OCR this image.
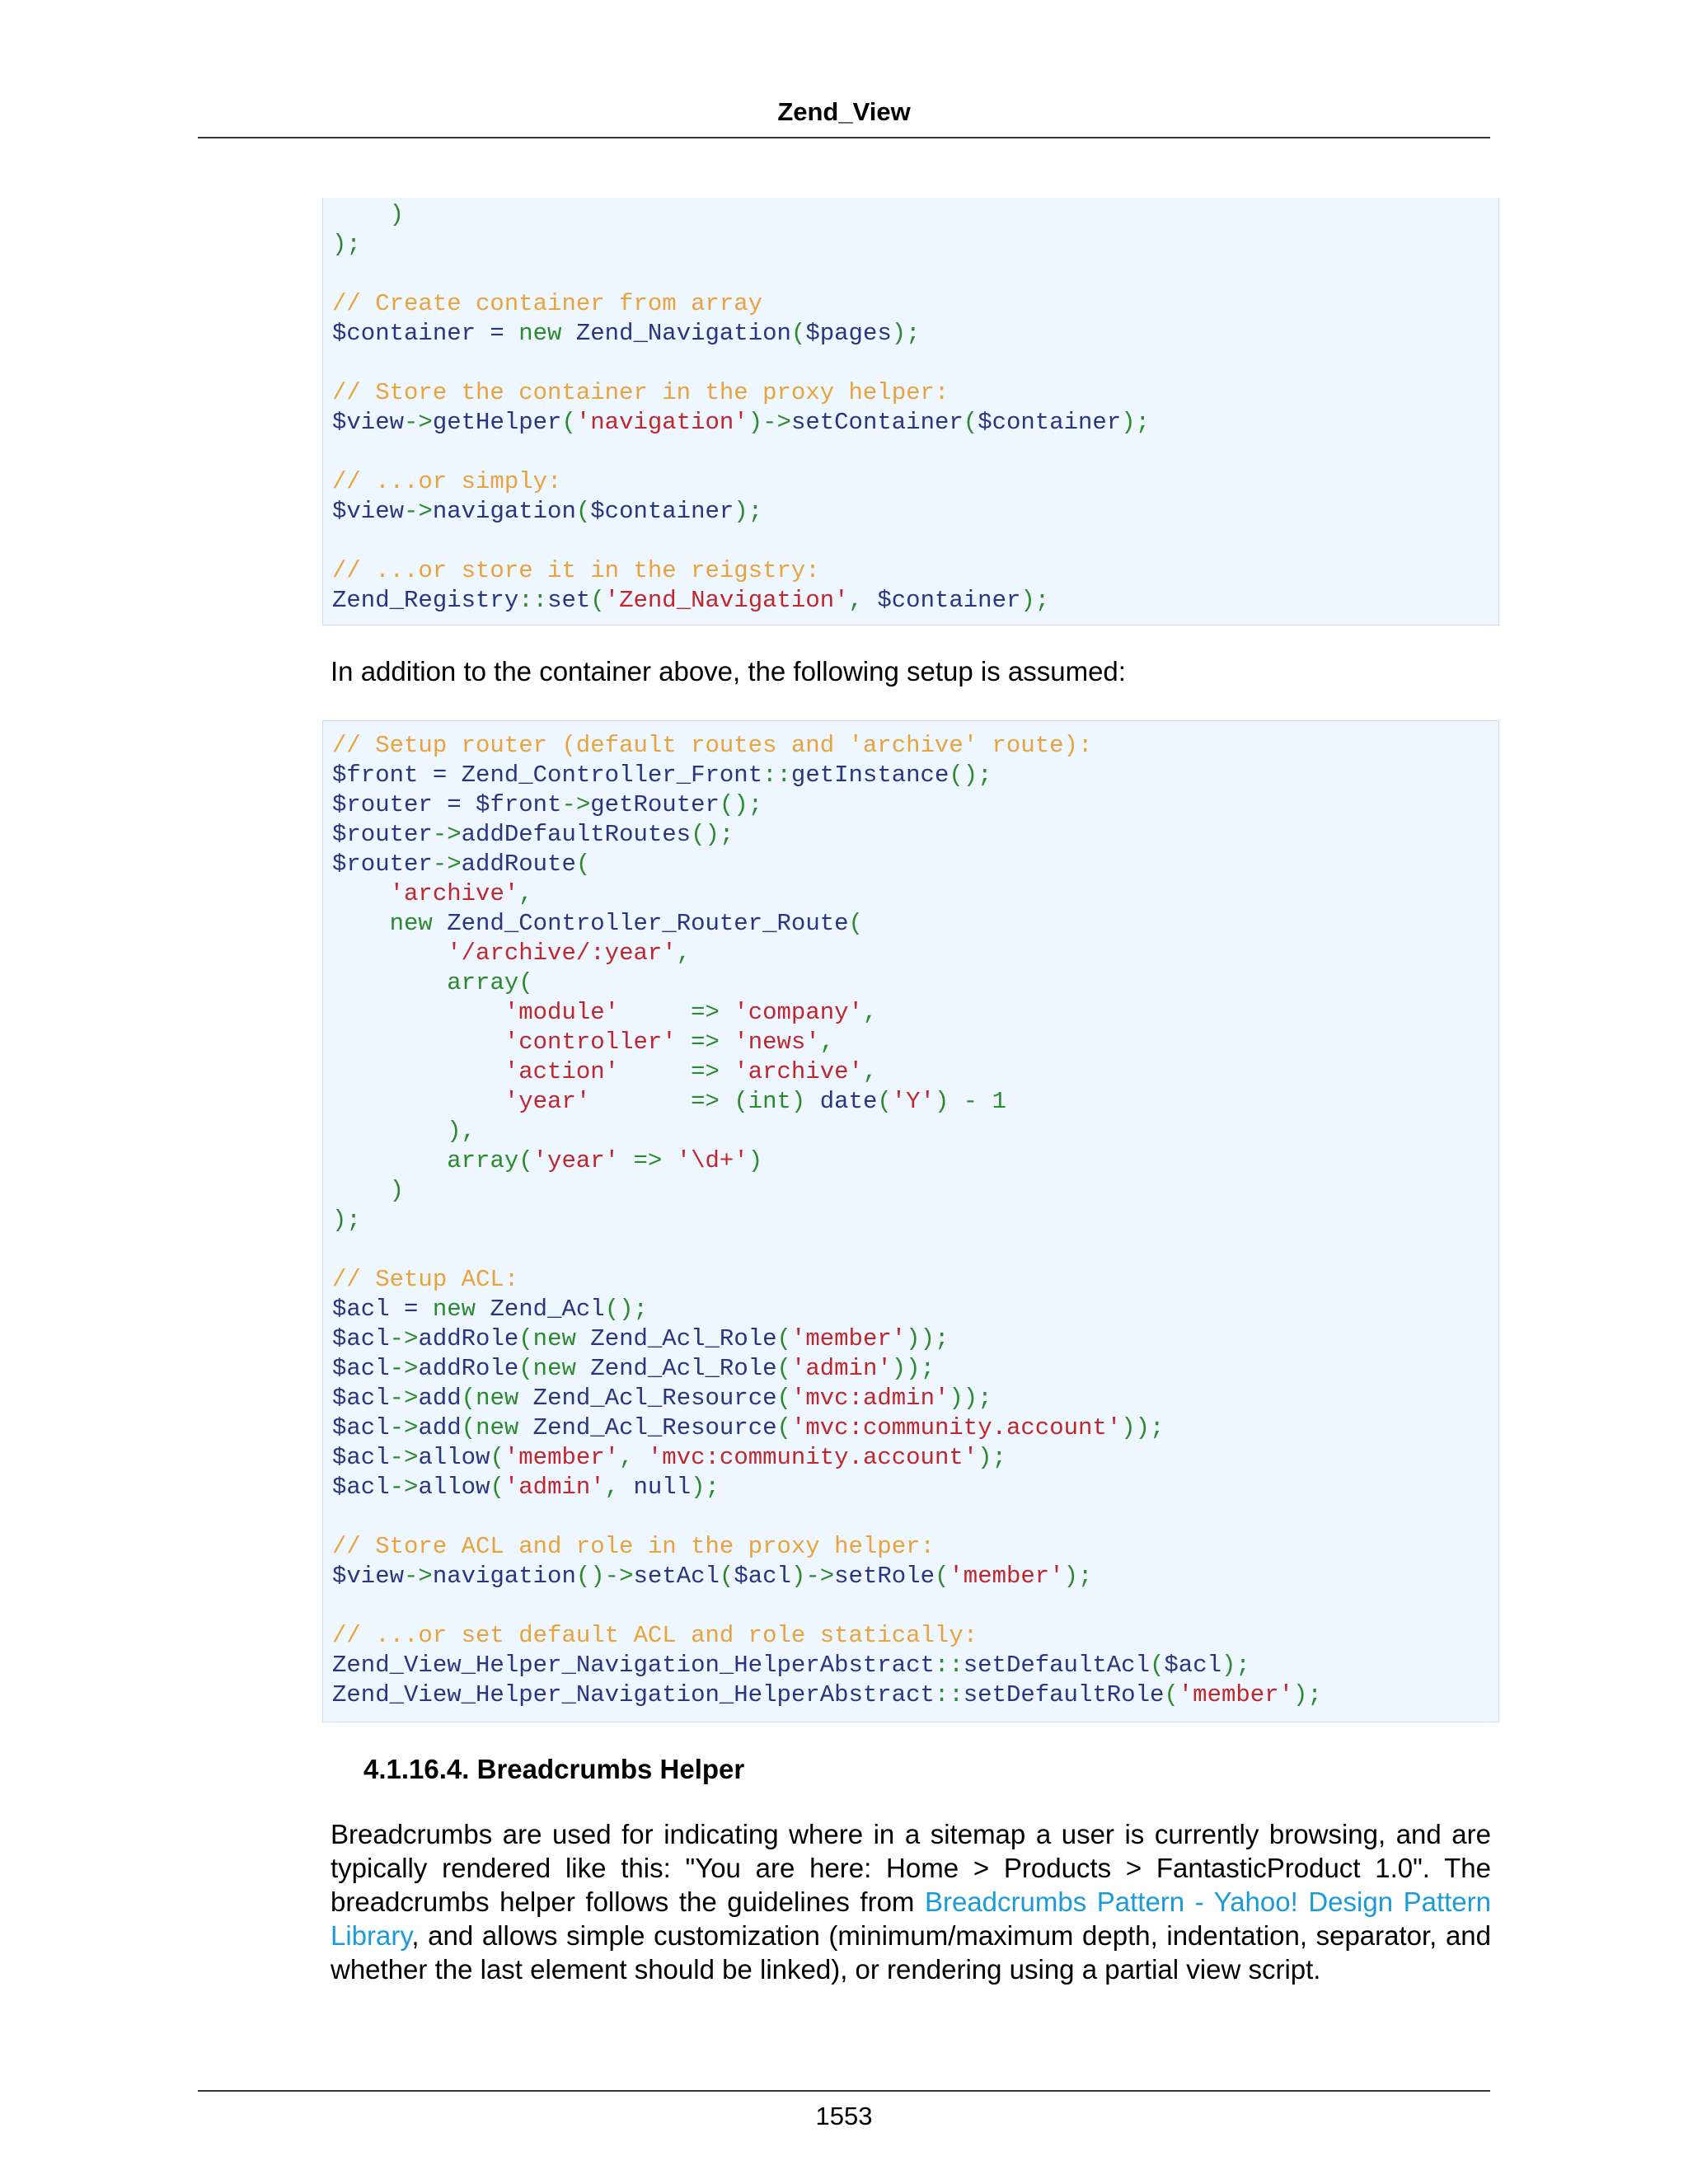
Zend_View
)
);

// Create container from array
$container = new Zend_Navigation($pages);

// Store the container in the proxy helper:
$view->getHelper('navigation')->setContainer($container);

// ...or simply:
$view->navigation($container);

// ...or store it in the reigstry:
Zend_Registry::set('Zend_Navigation', $container);

In addition to the container above, the following setup is assumed:

// Setup router (default routes and 'archive' route):
$front = Zend_Controller_Front::getInstance();
$router = $front->getRouter();
$router->addDefaultRoutes();
$router->addRoute(
'archive',
new Zend_Controller_Router_Route(
'/archive/:year',
array(
'module'	=> 'company',
'controller' => 'news',
'action'	=> 'archive',
'year'	=> (int) date('Y') - 1
),
array('year' => '\d+')
)
);

// Setup ACL:
$acl = new Zend_Acl();
$acl->addRole(new Zend_Acl_Role('member'));
$acl->addRole(new Zend_Acl_Role('admin'));
$acl->add(new Zend_Acl_Resource('mvc:admin'));
$acl->add(new Zend_Acl_Resource('mvc:community.account'));
$acl->allow('member', 'mvc:community.account');
$acl->allow('admin', null);

// Store ACL and role in the proxy helper:
$view->navigation()->setAcl($acl)->setRole('member');

// ...or set default ACL and role statically:
Zend_View_Helper_Navigation_HelperAbstract::setDefaultAcl($acl);
Zend_View_Helper_Navigation_HelperAbstract::setDefaultRole('member');
4.1.16.4. Breadcrumbs Helper

Breadcrumbs are used for indicating where in a sitemap a user is currently browsing, and are typically rendered like this: "You are here: Home > Products > FantasticProduct 1.0". The breadcrumbs helper follows the guidelines from Breadcrumbs Pattern - Yahoo! Design Pattern Library, and allows simple customization (minimum/maximum depth, indentation, separator, and whether the last element should be linked), or rendering using a partial view script.

1553
